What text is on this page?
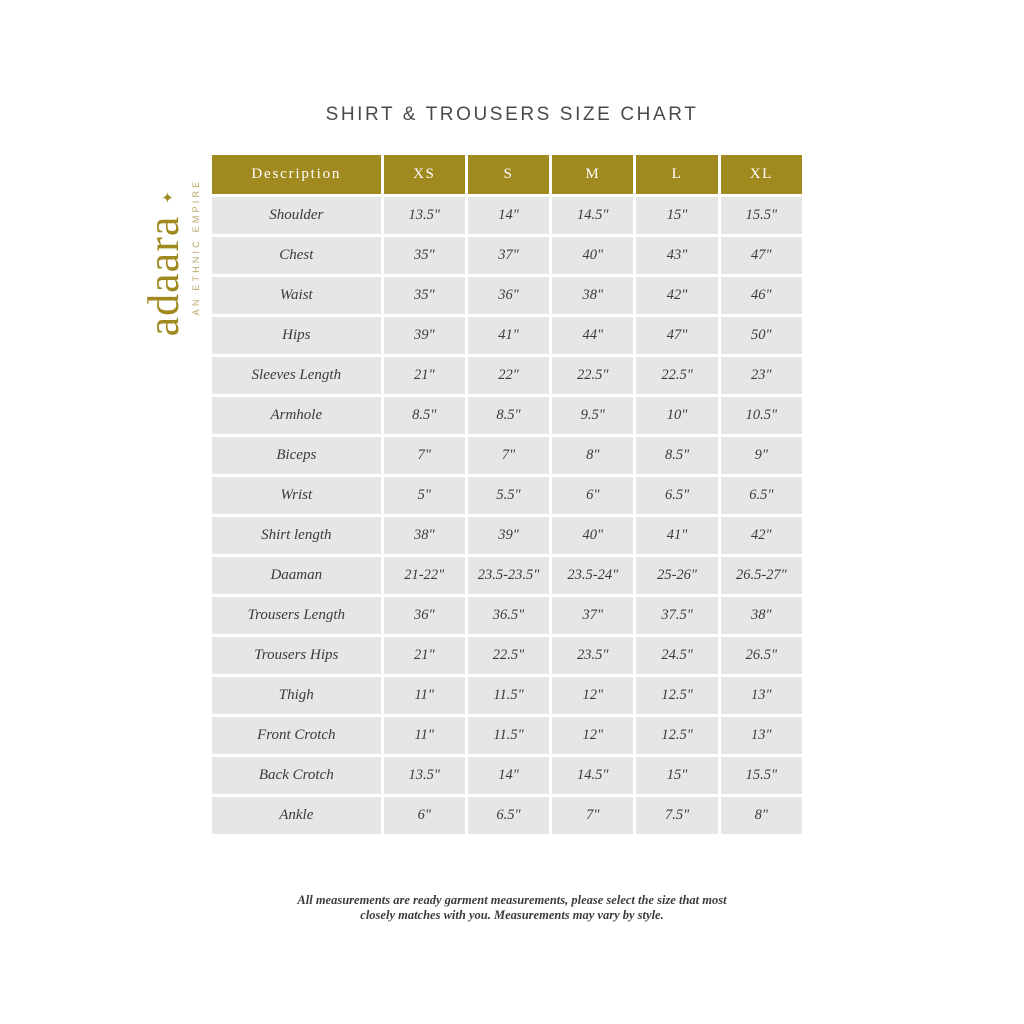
SHIRT & TROUSERS SIZE CHART
✦
adaara AN ETHNIC EMPIRE
Description	XS	S	M	L	XL
Shoulder	13.5"	14"	14.5"	15"	15.5"
Chest	35"	37"	40"	43"	47"
Waist	35"	36"	38"	42"	46"
Hips	39"	41"	44"	47"	50"
Sleeves Length	21"	22"	22.5"	22.5"	23"
Armhole	8.5"	8.5"	9.5"	10"	10.5"
Biceps	7"	7"	8"	8.5"	9"
Wrist	5"	5.5"	6"	6.5"	6.5"
Shirt length	38"	39"	40"	41"	42"
Daaman	21-22"	23.5-23.5"	23.5-24"	25-26"	26.5-27"
Trousers Length	36"	36.5"	37"	37.5"	38"
Trousers Hips	21"	22.5"	23.5"	24.5"	26.5"
Thigh	11"	11.5"	12"	12.5"	13"
Front Crotch	11"	11.5"	12"	12.5"	13"
Back Crotch	13.5"	14"	14.5"	15"	15.5"
Ankle	6"	6.5"	7"	7.5"	8"
All measurements are ready garment measurements, please select the size that most
closely matches with you. Measurements may vary by style.
